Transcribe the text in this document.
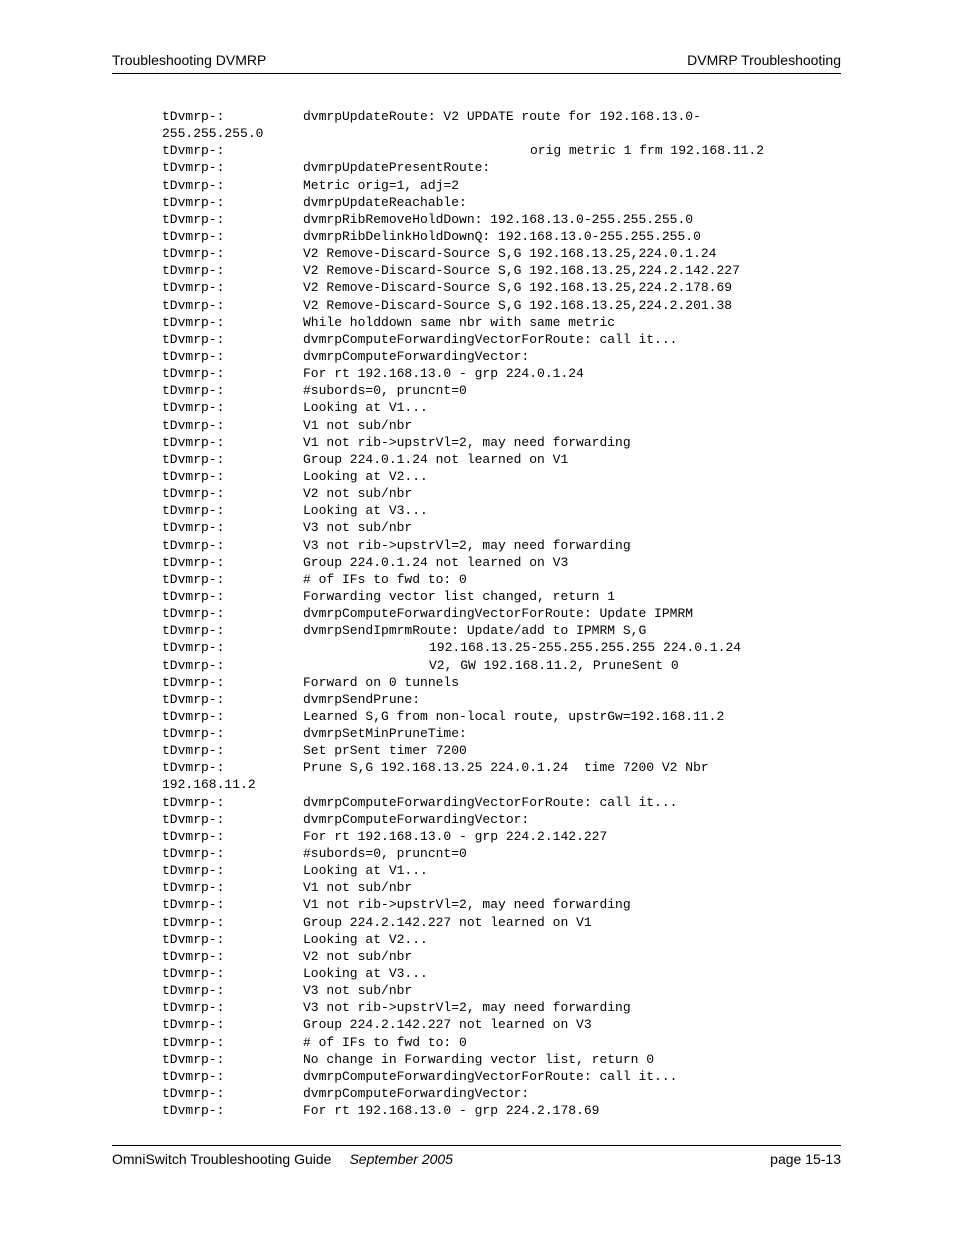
Troubleshooting DVMRP	DVMRP Troubleshooting
tDvmrp-:	dvmrpUpdateRoute: V2 UPDATE route for 192.168.13.0-
255.255.255.0
tDvmrp-:	orig metric 1 frm 192.168.11.2
tDvmrp-:	dvmrpUpdatePresentRoute:
tDvmrp-:	Metric orig=1, adj=2
tDvmrp-:	dvmrpUpdateReachable:
tDvmrp-:	dvmrpRibRemoveHoldDown: 192.168.13.0-255.255.255.0
tDvmrp-:	dvmrpRibDelinkHoldDownQ: 192.168.13.0-255.255.255.0
tDvmrp-:	V2 Remove-Discard-Source S,G 192.168.13.25,224.0.1.24
tDvmrp-:	V2 Remove-Discard-Source S,G 192.168.13.25,224.2.142.227
tDvmrp-:	V2 Remove-Discard-Source S,G 192.168.13.25,224.2.178.69
tDvmrp-:	V2 Remove-Discard-Source S,G 192.168.13.25,224.2.201.38
tDvmrp-:	While holddown same nbr with same metric
tDvmrp-:	dvmrpComputeForwardingVectorForRoute: call it...
tDvmrp-:	dvmrpComputeForwardingVector:
tDvmrp-:	For rt 192.168.13.0 - grp 224.0.1.24
tDvmrp-:	#subords=0, pruncnt=0
tDvmrp-:	Looking at V1...
tDvmrp-:	V1 not sub/nbr
tDvmrp-:	V1 not rib->upstrVl=2, may need forwarding
tDvmrp-:	Group 224.0.1.24 not learned on V1
tDvmrp-:	Looking at V2...
tDvmrp-:	V2 not sub/nbr
tDvmrp-:	Looking at V3...
tDvmrp-:	V3 not sub/nbr
tDvmrp-:	V3 not rib->upstrVl=2, may need forwarding
tDvmrp-:	Group 224.0.1.24 not learned on V3
tDvmrp-:	# of IFs to fwd to: 0
tDvmrp-:	Forwarding vector list changed, return 1
tDvmrp-:	dvmrpComputeForwardingVectorForRoute: Update IPMRM
tDvmrp-:	dvmrpSendIpmrmRoute: Update/add to IPMRM S,G
tDvmrp-:	192.168.13.25-255.255.255.255 224.0.1.24
tDvmrp-:	V2, GW 192.168.11.2, PruneSent 0
tDvmrp-:	Forward on 0 tunnels
tDvmrp-:	dvmrpSendPrune:
tDvmrp-:	Learned S,G from non-local route, upstrGw=192.168.11.2
tDvmrp-:	dvmrpSetMinPruneTime:
tDvmrp-:	Set prSent timer 7200
tDvmrp-:	Prune S,G 192.168.13.25 224.0.1.24  time 7200 V2 Nbr
192.168.11.2
tDvmrp-:	dvmrpComputeForwardingVectorForRoute: call it...
tDvmrp-:	dvmrpComputeForwardingVector:
tDvmrp-:	For rt 192.168.13.0 - grp 224.2.142.227
tDvmrp-:	#subords=0, pruncnt=0
tDvmrp-:	Looking at V1...
tDvmrp-:	V1 not sub/nbr
tDvmrp-:	V1 not rib->upstrVl=2, may need forwarding
tDvmrp-:	Group 224.2.142.227 not learned on V1
tDvmrp-:	Looking at V2...
tDvmrp-:	V2 not sub/nbr
tDvmrp-:	Looking at V3...
tDvmrp-:	V3 not sub/nbr
tDvmrp-:	V3 not rib->upstrVl=2, may need forwarding
tDvmrp-:	Group 224.2.142.227 not learned on V3
tDvmrp-:	# of IFs to fwd to: 0
tDvmrp-:	No change in Forwarding vector list, return 0
tDvmrp-:	dvmrpComputeForwardingVectorForRoute: call it...
tDvmrp-:	dvmrpComputeForwardingVector:
tDvmrp-:	For rt 192.168.13.0 - grp 224.2.178.69
OmniSwitch Troubleshooting Guide September 2005	page 15-13
